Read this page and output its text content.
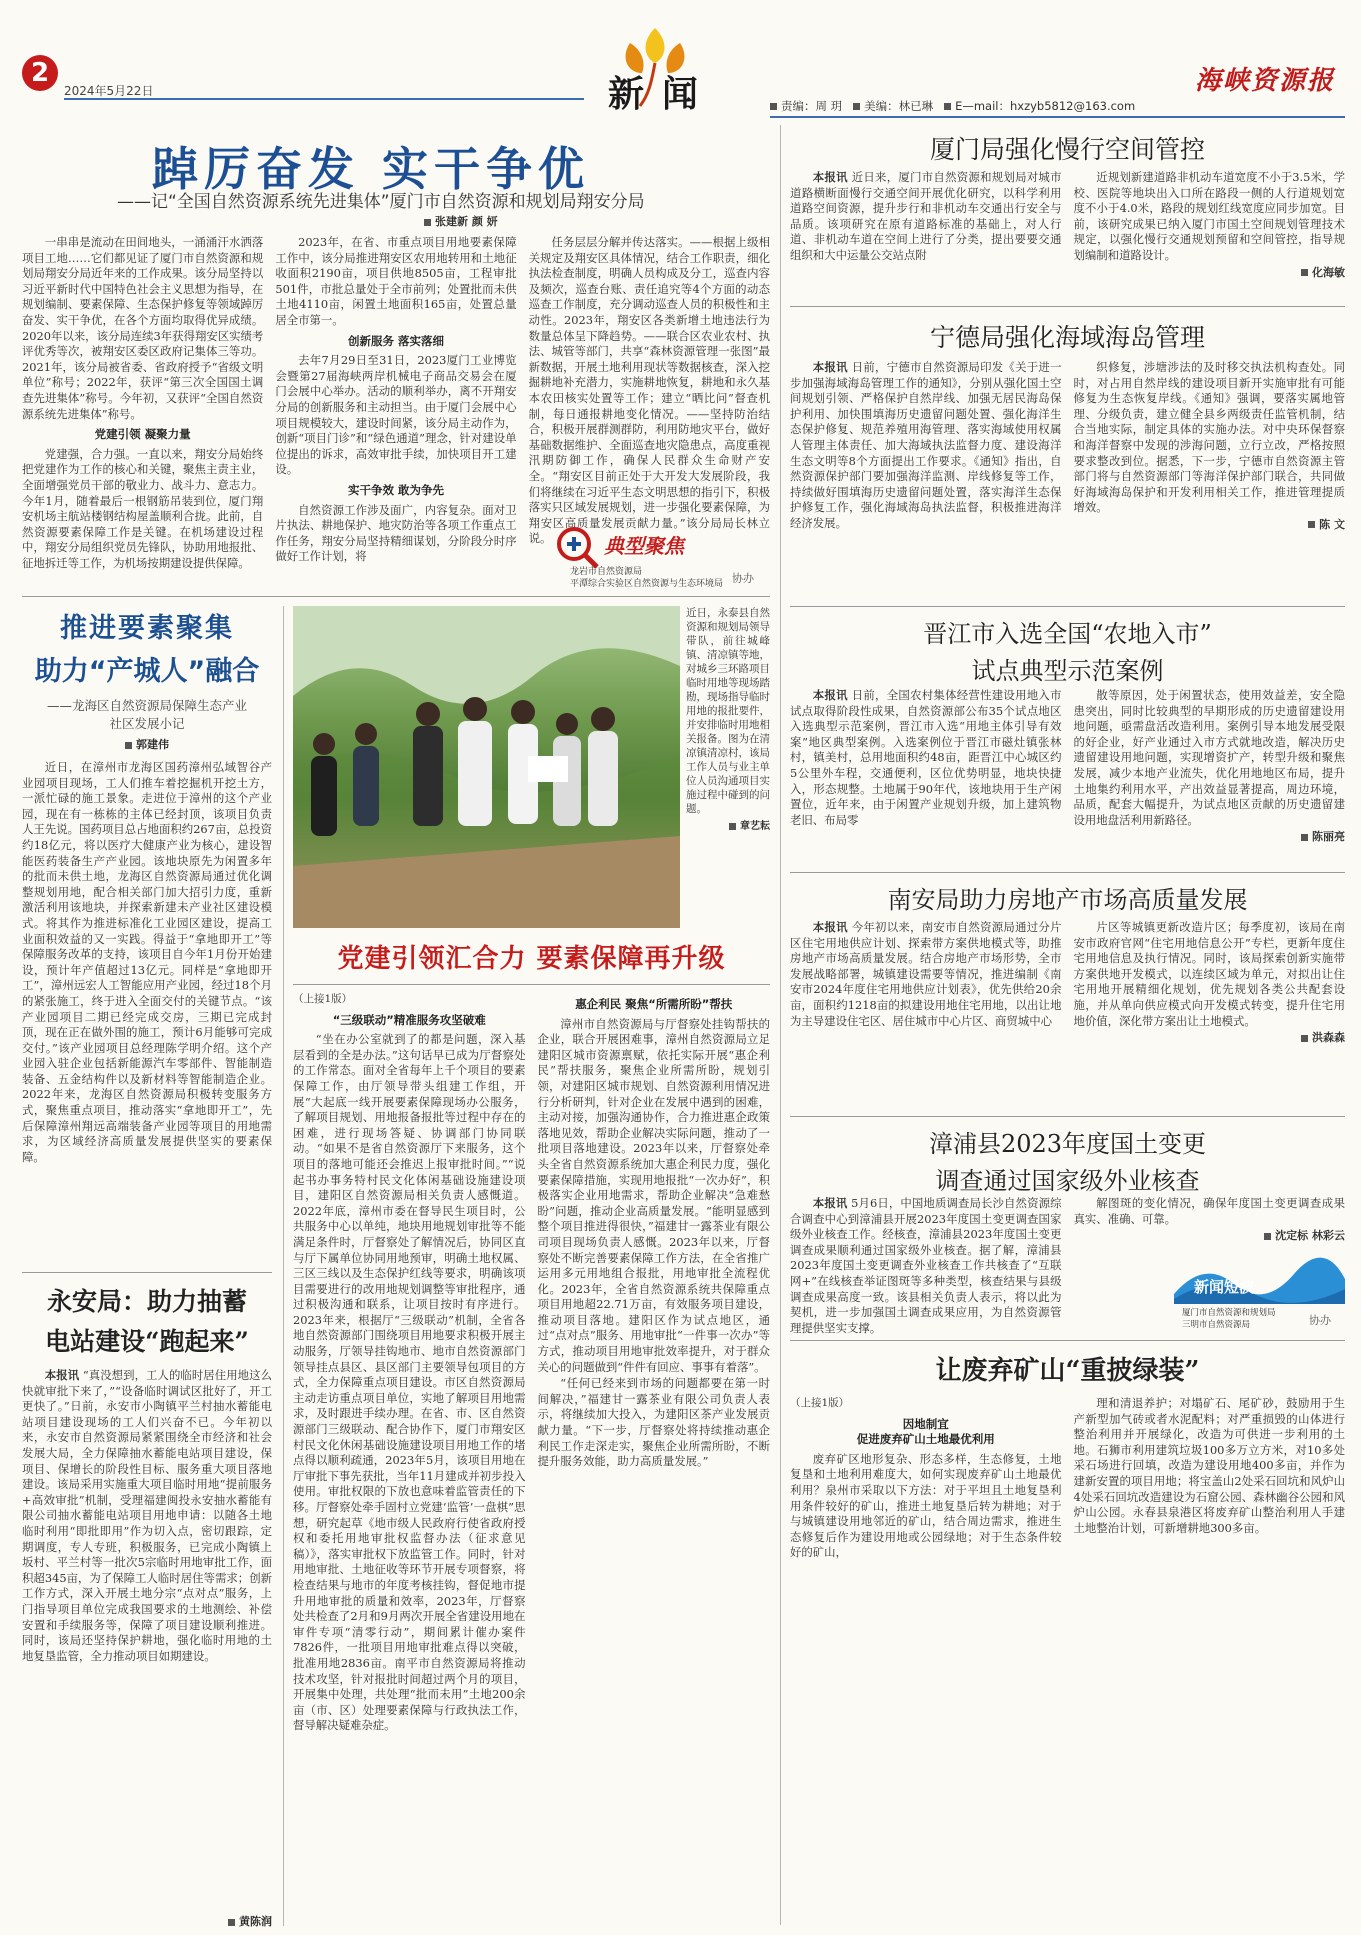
2
2024年5月22日	新闻	海峡资源报
责编：周 玥 美编：林已琳 E—mail：hxzyb5812@163.com
踔厉奋发 实干争优
——记“全国自然资源系统先进集体”厦门市自然资源和规划局翔安分局
张建新 颜 妍

一串串是流动在田间地头，一涌涌汗水洒落项目工地……它们都见证了厦门市自然资源和规划局翔安分局近年来的工作成果。该分局坚持以习近平新时代中国特色社会主义思想为指导，在规划编制、要素保障、生态保护修复等领域踔厉奋发、实干争优，在各个方面均取得优异成绩。2020年以来，该分局连续3年获得翔安区实绩考评优秀等次，被翔安区委区政府记集体三等功。2021年，该分局被省委、省政府授予“省级文明单位”称号；2022年，获评“第三次全国国土调查先进集体”称号。今年初，又获评“全国自然资源系统先进集体”称号。

党建引领 凝聚力量

党建强，合力强。一直以来，翔安分局始终把党建作为工作的核心和关键，聚焦主责主业，全面增强党员干部的敬业力、战斗力、意志力。今年1月，随着最后一根钢筋吊装到位，厦门翔安机场主航站楼钢结构屋盖顺利合拢。此前，自然资源要素保障工作是关键。在机场建设过程中，翔安分局组织党员先锋队，协助用地报批、征地拆迁等工作，为机场按期建设提供保障。

2023年，在省、市重点项目用地要素保障工作中，该分局推进翔安区农用地转用和土地征收面积2190亩，项目供地8505亩，工程审批501件，市批总量处于全市前列；处置批而未供土地4110亩，闲置土地面积165亩，处置总量居全市第一。

创新服务 落实落细

去年7月29日至31日，2023厦门工业博览会暨第27届海峡两岸机械电子商品交易会在厦门会展中心举办。活动的顺利举办，离不开翔安分局的创新服务和主动担当。由于厦门会展中心项目规模较大，建设时间紧，该分局主动作为，创新“项目门诊”和“绿色通道”理念，针对建设单位提出的诉求，高效审批手续，加快项目开工建设。

实干争效 敢为争先

自然资源工作涉及面广，内容复杂。面对卫片执法、耕地保护、地灾防治等各项工作重点工作任务，翔安分局坚持精细谋划，分阶段分时序做好工作计划，将

任务层层分解并传达落实。——根据上级相关规定及翔安区具体情况，结合工作职责，细化执法检查制度，明确人员构成及分工，巡查内容及频次，巡查台账、责任追究等4个方面的动态巡查工作制度，充分调动巡查人员的积极性和主动性。2023年，翔安区各类新增土地违法行为数量总体呈下降趋势。——联合区农业农村、执法、城管等部门，共享“森林资源管理一张图”最新数据，开展土地利用现状等数据核查，深入挖掘耕地补充潜力，实施耕地恢复，耕地和永久基本农田核实处置等工作；建立“晒比问”督查机制，每日通报耕地变化情况。——坚持防治结合，积极开展群测群防，利用防地灾平台，做好基础数据维护、全面巡查地灾隐患点，高度重视汛期防御工作，确保人民群众生命财产安全。“翔安区目前正处于大开发大发展阶段，我们将继续在习近平生态文明思想的指引下，积极落实只区域发展规划，进一步强化要素保障，为翔安区高质量发展贡献力量。”该分局局长林立说。	典型聚焦
龙岩市自然资源局
平潭综合实验区自然资源与生态环境局 协办
推进要素聚集
助力“产城人”融合
——龙海区自然资源局保障生态产业
社区发展小记
郭建伟

近日，在漳州市龙海区国药漳州弘域智谷产业园项目现场，工人们推车着挖掘机开挖土方，一派忙碌的施工景象。走进位于漳州的这个产业园，现在有一栋栋的主体已经封顶，该项目负责人王先说。国药项目总占地面积约267亩，总投资约18亿元，将以医疗大健康产业为核心，建设智能医药装备生产产业园。该地块原先为闲置多年的批而未供土地，龙海区自然资源局通过优化调整规划用地，配合相关部门加大招引力度，重新激活利用该地块，并探索新建未产业社区建设模式。将其作为推进标准化工业园区建设，提高工业面积效益的又一实践。得益于“拿地即开工”等保障服务改革的支持，该项目自今年1月份开始建设，预计年产值超过13亿元。同样是“拿地即开工”，漳州远宏人工智能应用产业园，经过18个月的紧张施工，终于进入全面交付的关键节点。“该产业园项目二期已经完成交房，三期已完成封顶，现在正在做外围的施工，预计6月能够可完成交付。”该产业园项目总经理陈学明介绍。这个产业园入驻企业包括新能源汽车零部件、智能制造装备、五金结构件以及新材料等智能制造企业。2022年来，龙海区自然资源局积极转变服务方式，聚焦重点项目，推动落实“拿地即开工”，先后保障漳州翔远高端装备产业园等项目的用地需求，为区域经济高质量发展提供坚实的要素保障。

永安局：助力抽蓄
电站建设“跑起来”

本报讯 “真没想到，工人的临时居住用地这么快就审批下来了，”“设备临时调试区批好了，开工更快了。”日前，永安市小陶镇平兰村抽水蓄能电站项目建设现场的工人们兴奋不已。今年初以来，永安市自然资源局紧紧围绕全市经济和社会发展大局，全力保障抽水蓄能电站项目建设，保项目、保增长的阶段性目标、服务重大项目落地建设。该局采用实施重大项目临时用地“提前服务+高效审批”机制，受理福建闽投永安抽水蓄能有限公司抽水蓄能电站项目用地申请：以随各土地临时利用“即批即用”作为切入点，密切跟踪，定期调度，专人专班，积极服务，已完成小陶镇上坂村、平兰村等一批次5宗临时用地审批工作，面积超345亩，为了保障工人临时居住等需求；创新工作方式，深入开展土地分宗“点对点”服务，上门指导项目单位完成我国要求的土地测绘、补偿安置和手续服务等，保障了项目建设顺利推进。同时，该局还坚持保护耕地，强化临时用地的土地复垦监管，全力推动项目如期建设。

黄陈润
近日，永泰县自然资源和规划局领导带队，前往城峰镇、清凉镇等地，对城乡三环路项目临时用地等现场踏勘，现场指导临时用地的报批要件，并安排临时用地相关报备。图为在清凉镇清凉村，该局工作人员与业主单位人员沟通项目实施过程中碰到的问题。
章艺耘
党建引领汇合力 要素保障再升级
（上接1版）
“三级联动”精准服务攻坚破难

“坐在办公室就到了的都是问题，深入基层看到的全是办法。”这句话早已成为厅督察处的工作常态。面对全省每年上千个项目的要素保障工作，由厅领导带头组建工作组，开展“大起底一线开展要素保障现场办公服务，了解项目规划、用地报备报批等过程中存在的困难，进行现场答疑、协调部门协同联动。“如果不是省自然资源厅下来服务，这个项目的落地可能还会推迟上报审批时间。”“说起书办事务特村民文化体闲基础设施建设项目，建阳区自然资源局相关负责人感慨道。2022年底，漳州市委在督导民生项目时，公共服务中心以单纯，地块用地规划审批等不能满足条件时，厅督察处了解情况后，协同区直与厅下属单位协同用地预审，明确土地权属、三区三线以及生态保护红线等要求，明确该项目需要进行的改用地规划调整等审批程序，通过积极沟通和联系，让项目按时有序进行。2023年来，根据厅“三级联动”机制，全省各地自然资源部门围绕项目用地要求积极开展主动服务，厅领导挂钩地市、地市自然资源部门领导挂点县区、县区部门主要领导包项目的方式，全力保障重点项目建设。市区自然资源局主动走访重点项目单位，实地了解项目用地需求，及时跟进手续办理。在省、市、区自然资源部门三级联动、配合协作下，厦门市翔安区村民文化休闲基础设施建设项目用地工作的堵点得以顺利疏通，2023年5月，该项目用地在厅审批下事先获批，当年11月建成并初步投入使用。审批权限的下放也意味着监管责任的下移。厅督察处牵手固村立党建‘监管’一盘棋”思想，研究起草《地市级人民政府行使省政府授权和委托用地审批权监督办法（征求意见稿）》，落实审批权下放监管工作。同时，针对用地审批、土地征收等环节开展专项督察，将检查结果与地市的年度考核挂钩，督促地市提升用地审批的质量和效率，2023年，厅督察处共检查了2月和9月两次开展全省建设用地在审件专项“清零行动”，期间累计催办案件7826件，一批项目用地审批难点得以突破，批准用地2836亩。南平市自然资源局将推动技术攻坚，针对报批时间超过两个月的项目，开展集中处理，共处理“批而未用”土地200余亩（市、区）处理要素保障与行政执法工作，督导解决疑难杂症。

惠企利民 聚焦“所需所盼”帮扶

漳州市自然资源局与厅督察处挂钩帮扶的企业，联合开展困难事，漳州自然资源局立足建阳区城市资源禀赋，依托实际开展“惠企利民”帮扶服务，聚焦企业所需所盼，规划引领，对建阳区城市规划、自然资源利用情况进行分析研判，针对企业在发展中遇到的困难，主动对接，加强沟通协作，合力推进惠企政策落地见效，帮助企业解决实际问题，推动了一批项目落地建设。2023年以来，厅督察处牵头全省自然资源系统加大惠企利民力度，强化要素保障措施，实现用地报批“一次办好”，积极落实企业用地需求，帮助企业解决“急难愁盼”问题，推动企业高质量发展。“能明显感到整个项目推进得很快，”福建甘一露茶业有限公司项目现场负责人感慨。2023年以来，厅督察处不断完善要素保障工作方法，在全省推广运用多元用地组合报批，用地审批全流程优化。2023年，全省自然资源系统共保障重点项目用地超22.71万亩，有效服务项目建设，推动项目落地。建阳区作为试点地区，通过“点对点”服务、用地审批“一件事一次办”等方式，推动项目用地审批效率提升，对于群众关心的问题做到“件件有回应、事事有着落”。

“任何已经来到市场的问题都要在第一时间解决，”福建甘一露茶业有限公司负责人表示，将继续加大投入，为建阳区茶产业发展贡献力量。“下一步，厅督察处将持续推动惠企利民工作走深走实，聚焦企业所需所盼，不断提升服务效能，助力高质量发展。”

厦门局强化慢行空间管控

本报讯 近日来，厦门市自然资源和规划局对城市道路横断面慢行交通空间开展优化研究，以科学利用道路空间资源，提升步行和非机动车交通出行安全与品质。该项研究在原有道路标准的基础上，对人行道、非机动车道在空间上进行了分类，提出要要交通组织和大中运量公交站点附

近规划新建道路非机动车道宽度不小于3.5米，学校、医院等地块出入口所在路段一侧的人行道规划宽度不小于4.0米，路段的规划红线宽度应同步加宽。目前，该研究成果已纳入厦门市国土空间规划管理技术规定，以强化慢行交通规划预留和空间管控，指导规划编制和道路设计。

化海敏
宁德局强化海域海岛管理

本报讯 日前，宁德市自然资源局印发《关于进一步加强海域海岛管理工作的通知》，分别从强化国土空间规划引领、严格保护自然岸线、加强无居民海岛保护利用、加快围填海历史遗留问题处置、强化海洋生态保护修复、规范养殖用海管理、落实海域使用权属人管理主体责任、加大海域执法监督力度、建设海洋生态文明等8个方面提出工作要求。《通知》指出，自然资源保护部门要加强海洋监测、岸线修复等工作，持续做好围填海历史遗留问题处置，落实海洋生态保护修复工作，强化海域海岛执法监督，积极推进海洋经济发展。

织修复，涉塘涉法的及时移交执法机构查处。同时，对占用自然岸线的建设项目新开实施审批有可能修复为生态恢复岸线。《通知》强调，要落实属地管理、分级负责，建立健全县乡两级责任监管机制，结合当地实际，制定具体的实施办法。对中央环保督察和海洋督察中发现的涉海问题，立行立改，严格按照要求整改到位。据悉，下一步，宁德市自然资源主管部门将与自然资源部门等海洋保护部门联合，共同做好海域海岛保护和开发利用相关工作，推进管理提质增效。

陈 文
晋江市入选全国“农地入市”
试点典型示范案例

本报讯 日前，全国农村集体经营性建设用地入市试点取得阶段性成果，自然资源部公布35个试点地区入选典型示范案例，晋江市入选“用地主体引导有效案”地区典型案例。入选案例位于晋江市磁灶镇张林村，镇美村，总用地面积约48亩，距晋江中心城区约5公里外车程，交通便利，区位优势明显，地块快捷入，形态规整。土地属于90年代，该地块用于生产闲置位，近年来，由于闲置产业规划升级，加上建筑物老旧、布局零

散等原因，处于闲置状态，使用效益差，安全隐患突出，同时比较典型的早期形成的历史遗留建设用地问题，亟需盘活改造利用。案例引导本地发展受限的好企业，好产业通过入市方式就地改造，解决历史遗留建设用地问题，实现增资扩产，转型升级和聚焦发展，减少本地产业流失，优化用地地区布局，提升土地集约利用水平，产出效益显著提高，周边环境，品质，配套大幅提升，为试点地区贡献的历史遗留建设用地盘活利用新路径。

陈丽亮
南安局助力房地产市场高质量发展

本报讯 今年初以来，南安市自然资源局通过分片区住宅用地供应计划、探索带方案供地模式等，助推房地产市场高质量发展。结合房地产市场形势，全市发展战略部署，城镇建设需要等情况，推进编制《南安市2024年度住宅用地供应计划表》，优先供给20余亩，面积约1218亩的拟建设用地住宅用地，以出让地为主导建设住宅区、居住城市中心片区、商贸城中心

片区等城镇更新改造片区；每季度初，该局在南安市政府官网“住宅用地信息公开”专栏，更新年度住宅用地信息及执行情况。同时，该局探索创新实施带方案供地开发模式，以连续区域为单元，对拟出让住宅用地开展精细化规划，优先规划各类公共配套设施，并从单向供应模式向开发模式转变，提升住宅用地价值，深化带方案出让土地模式。

洪森森
漳浦县2023年度国土变更
调查通过国家级外业核查

本报讯 5月6日，中国地质调查局长沙自然资源综合调查中心到漳浦县开展2023年度国土变更调查国家级外业核查工作。经核查，漳浦县2023年度国土变更调查成果顺利通过国家级外业核查。据了解，漳浦县2023年度国土变更调查外业核查工作共核查了“互联网+”在线核查举证图斑等多种类型，核查结果与县级调查成果高度一致。该县相关负责人表示，将以此为契机，进一步加强国土调查成果应用，为自然资源管理提供坚实支撑。

解图斑的变化情况，确保年度国土变更调查成果真实、准确、可靠。

沈定标 林彩云
新闻短波
厦门市自然资源和规划局
三明市自然资源局	协办
让废弃矿山“重披绿装”
（上接1版）
因地制宜
促进废弃矿山土地最优利用

废弃矿区地形复杂、形态多样，生态修复，土地复垦和土地利用难度大，如何实现废弃矿山土地最优利用？泉州市采取以下方法：对于平坦且土地复垦利用条件较好的矿山，推进土地复垦后转为耕地；对于与城镇建设用地邻近的矿山，结合周边需求，推进生态修复后作为建设用地或公园绿地；对于生态条件较好的矿山，

理和清退养护；对塌矿石、尾矿砂，鼓励用于生产新型加气砖或者水泥配料；对严重损毁的山体进行整治利用并开展绿化，改造为可供进一步利用的土地。石狮市利用建筑垃圾100多万立方米，对10多处采石场进行回填，改造为建设用地400多亩，并作为建新安置的项目用地；将宝盖山2处采石回坑和风炉山4处采石回坑改造建设为石窟公园、森林幽谷公园和风炉山公园。永春县泉港区将废弃矿山整治利用人手建土地整治计划，可新增耕地300多亩。
